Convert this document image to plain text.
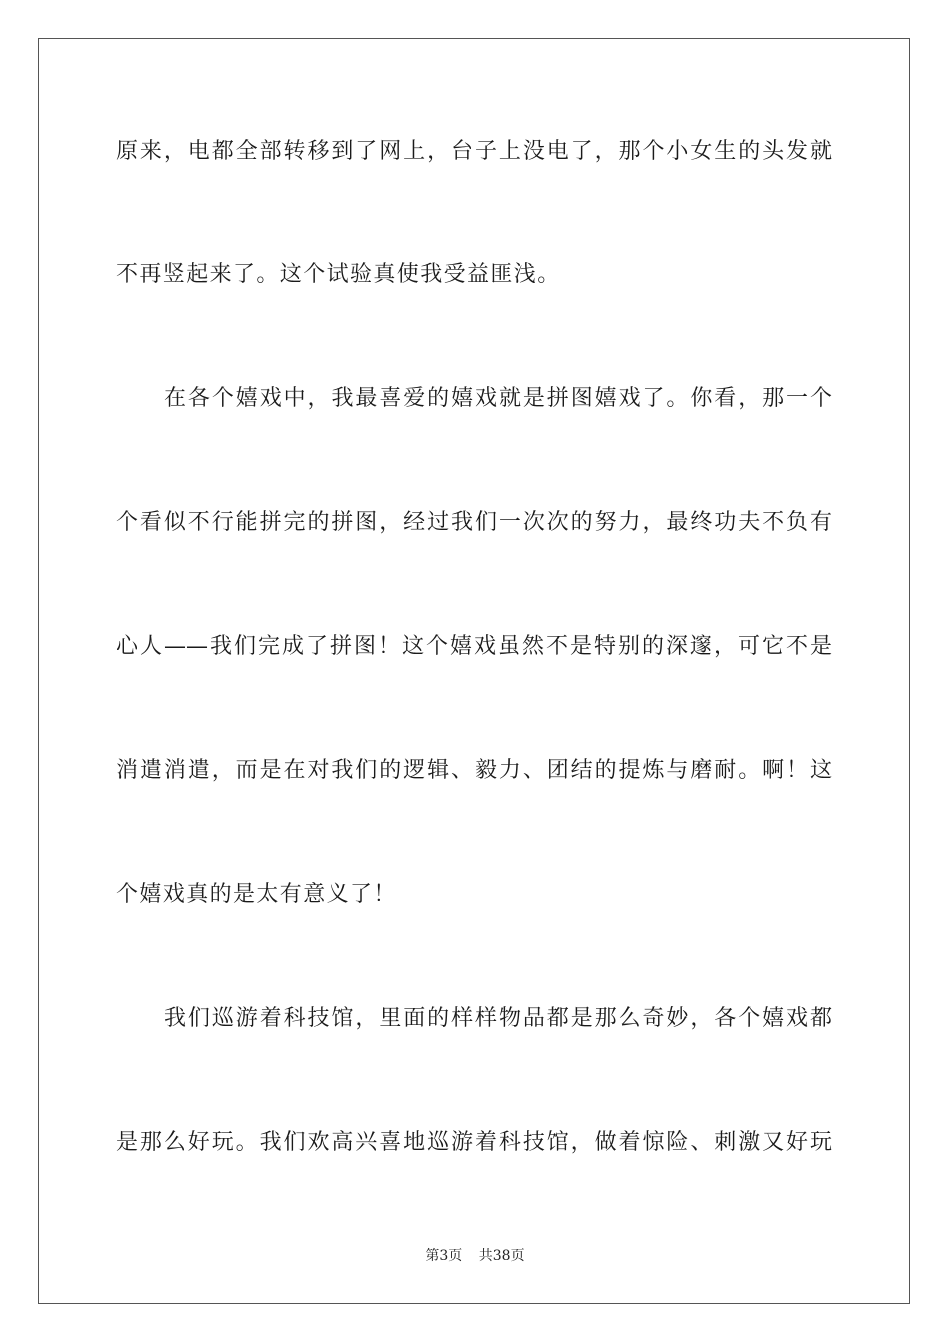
原来，电都全部转移到了网上，台子上没电了，那个小女生的头发就
不再竖起来了。这个试验真使我受益匪浅。
在各个嬉戏中，我最喜爱的嬉戏就是拼图嬉戏了。你看，那一个
个看似不行能拼完的拼图，经过我们一次次的努力，最终功夫不负有
心人——我们完成了拼图！这个嬉戏虽然不是特别的深邃，可它不是
消遣消遣，而是在对我们的逻辑、毅力、团结的提炼与磨耐。啊！这
个嬉戏真的是太有意义了！
我们巡游着科技馆，里面的样样物品都是那么奇妙，各个嬉戏都
是那么好玩。我们欢高兴喜地巡游着科技馆，做着惊险、刺激又好玩
第3页 共38页
